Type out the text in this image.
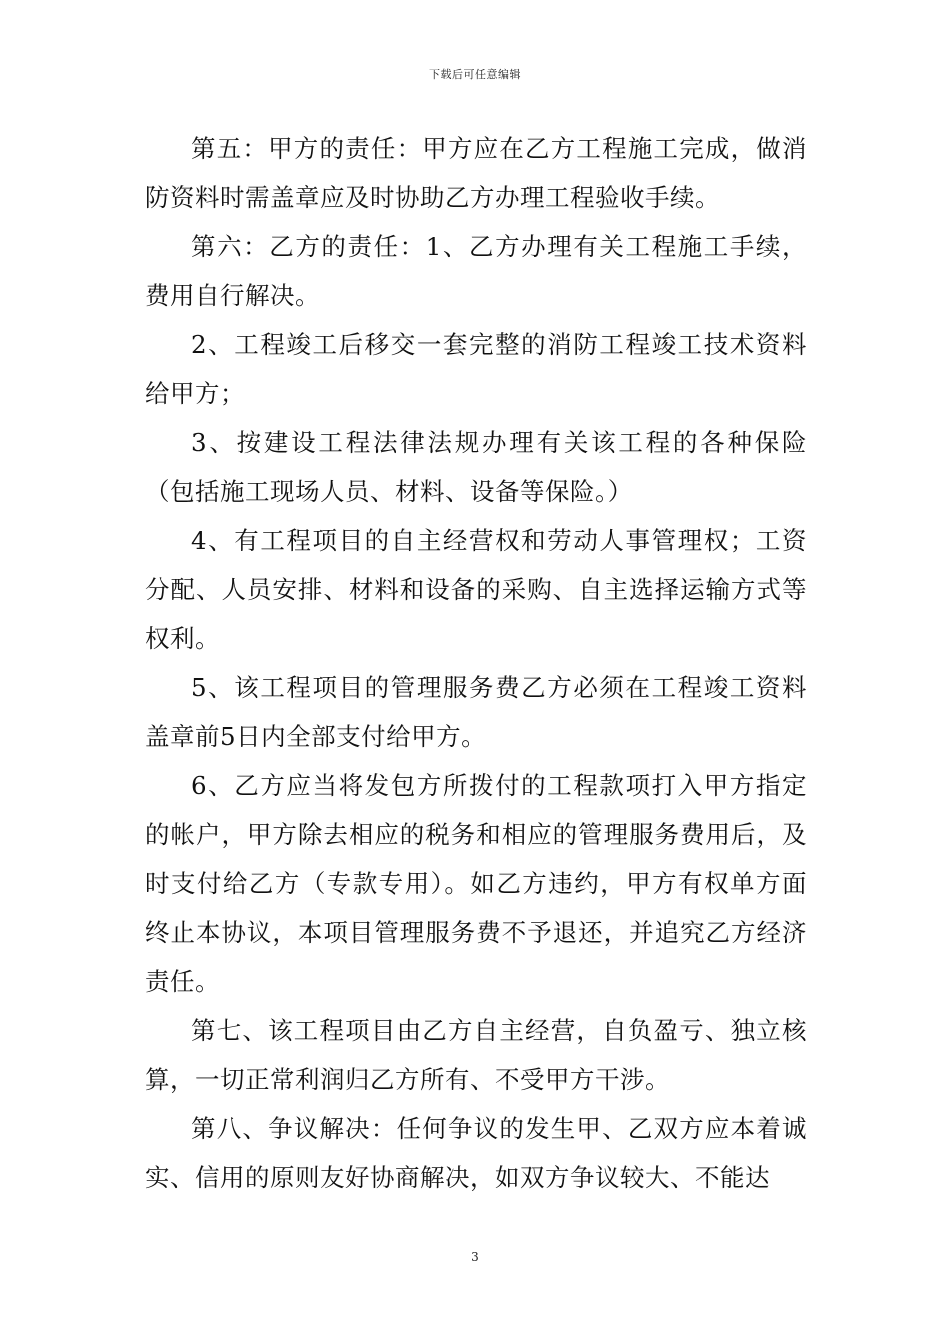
下载后可任意编辑

第五：甲方的责任：甲方应在乙方工程施工完成，做消防资料时需盖章应及时协助乙方办理工程验收手续。

第六：乙方的责任：1、乙方办理有关工程施工手续，费用自行解决。

2、工程竣工后移交一套完整的消防工程竣工技术资料给甲方；

3、按建设工程法律法规办理有关该工程的各种保险（包括施工现场人员、材料、设备等保险。）

4、有工程项目的自主经营权和劳动人事管理权；工资分配、人员安排、材料和设备的采购、自主选择运输方式等权利。

5、该工程项目的管理服务费乙方必须在工程竣工资料盖章前5日内全部支付给甲方。

6、乙方应当将发包方所拨付的工程款项打入甲方指定的帐户，甲方除去相应的税务和相应的管理服务费用后，及时支付给乙方（专款专用）。如乙方违约，甲方有权单方面终止本协议，本项目管理服务费不予退还，并追究乙方经济责任。

第七、该工程项目由乙方自主经营，自负盈亏、独立核算，一切正常利润归乙方所有、不受甲方干涉。

第八、争议解决：任何争议的发生甲、乙双方应本着诚实、信用的原则友好协商解决，如双方争议较大、不能达

3
